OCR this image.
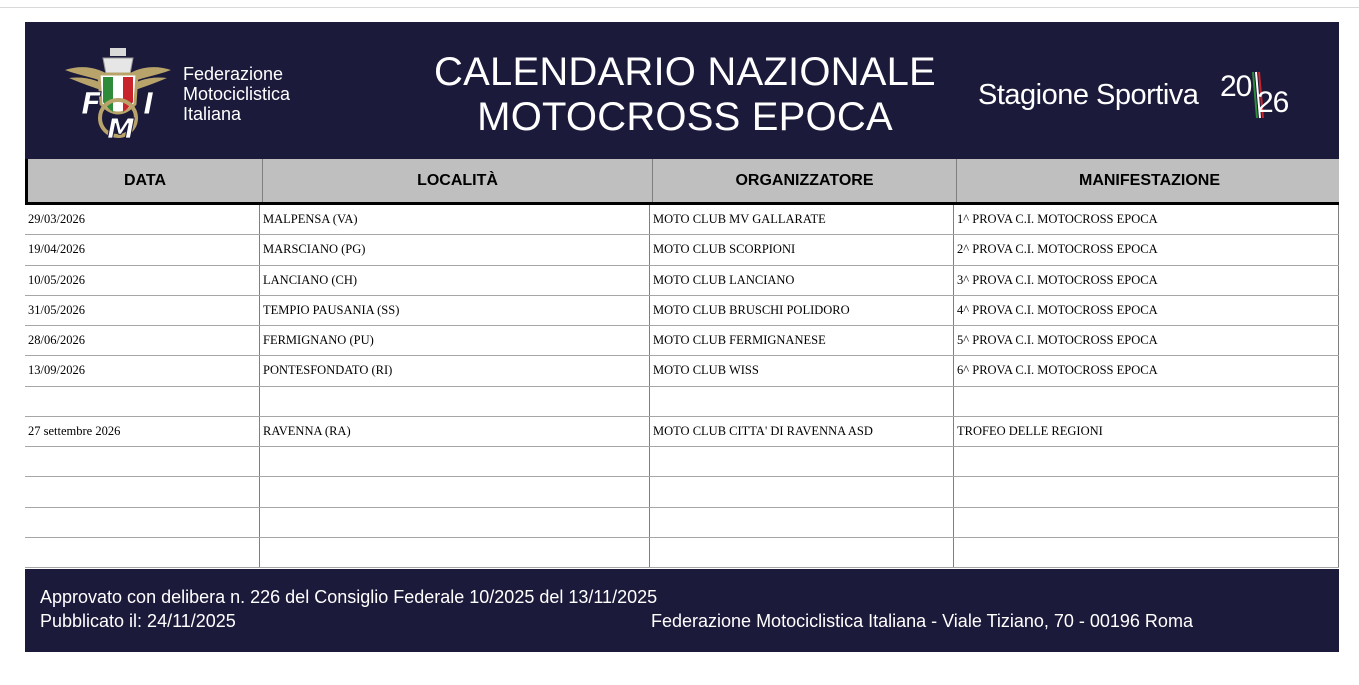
F
M
I
Federazione
Motociclistica
Italiana
CALENDARIO NAZIONALE
MOTOCROSS EPOCA	Stagione Sportiva 20 26
DATA	LOCALITÀ	ORGANIZZATORE	MANIFESTAZIONE
29/03/2026	MALPENSA (VA)	MOTO CLUB MV GALLARATE	1^ PROVA C.I. MOTOCROSS EPOCA
19/04/2026	MARSCIANO (PG)	MOTO CLUB SCORPIONI	2^ PROVA C.I. MOTOCROSS EPOCA
10/05/2026	LANCIANO (CH)	MOTO CLUB LANCIANO	3^ PROVA C.I. MOTOCROSS EPOCA
31/05/2026	TEMPIO PAUSANIA (SS)	MOTO CLUB BRUSCHI POLIDORO	4^ PROVA C.I. MOTOCROSS EPOCA
28/06/2026	FERMIGNANO (PU)	MOTO CLUB FERMIGNANESE	5^ PROVA C.I. MOTOCROSS EPOCA
13/09/2026	PONTESFONDATO (RI)	MOTO CLUB WISS	6^ PROVA C.I. MOTOCROSS EPOCA
27 settembre 2026	RAVENNA (RA)	MOTO CLUB CITTA' DI RAVENNA ASD	TROFEO DELLE REGIONI
Approvato con delibera n. 226 del Consiglio Federale 10/2025 del 13/11/2025
Pubblicato il: 24/11/2025	Federazione Motociclistica Italiana - Viale Tiziano, 70 - 00196 Roma
